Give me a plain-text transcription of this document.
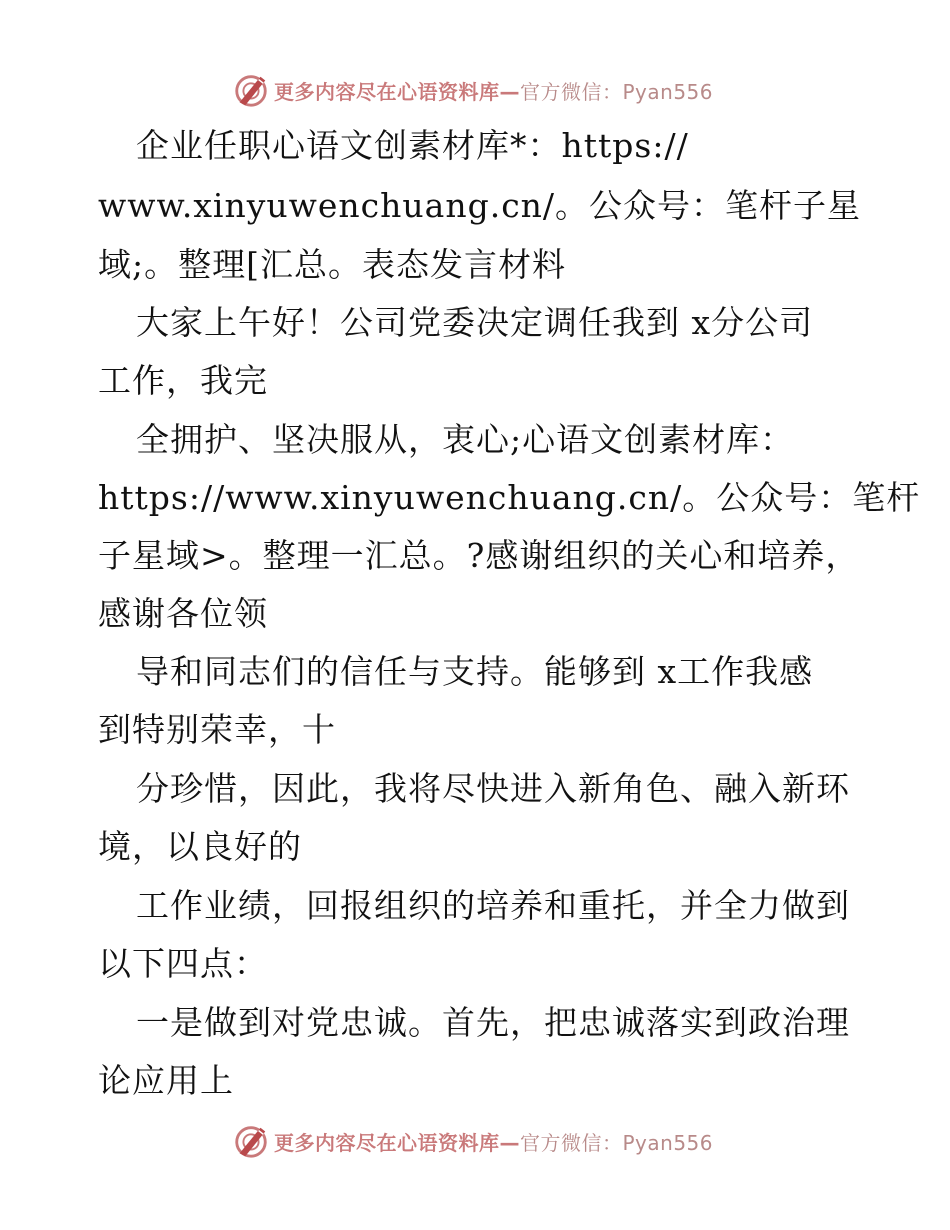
更多内容尽在心语资料库—官方微信：Pyan556
企业任职心语文创素材库*：https://
www.xinyuwenchuang.cn/。公众号：笔杆子星
域;。整理[汇总。表态发言材料
大家上午好！公司党委决定调任我到 x分公司
工作，我完
全拥护、坚决服从，衷心;心语文创素材库：
https://www.xinyuwenchuang.cn/。公众号：笔杆
子星域>。整理一汇总。?感谢组织的关心和培养，
感谢各位领
导和同志们的信任与支持。能够到 x工作我感
到特别荣幸，十
分珍惜，因此，我将尽快进入新角色、融入新环
境，以良好的
工作业绩，回报组织的培养和重托，并全力做到
以下四点：
一是做到对党忠诚。首先，把忠诚落实到政治理
论应用上
更多内容尽在心语资料库—官方微信：Pyan556
